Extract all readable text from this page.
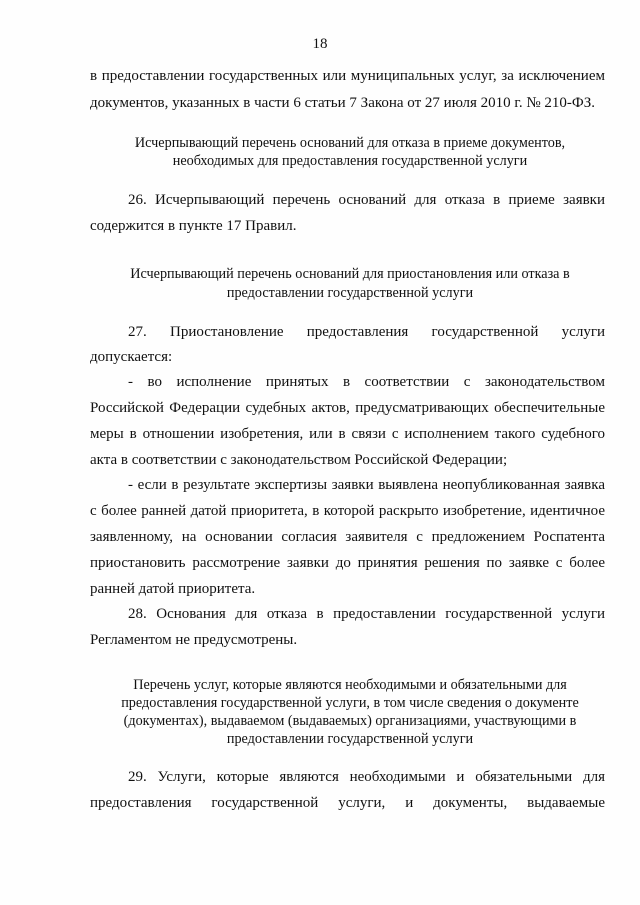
18
в предоставлении государственных или муниципальных услуг, за исключением
документов, указанных в части 6 статьи 7 Закона от 27 июля 2010 г. № 210-ФЗ.
Исчерпывающий перечень оснований для отказа в приеме документов,
необходимых для предоставления государственной услуги
26. Исчерпывающий перечень оснований для отказа в приеме заявки
содержится в пункте 17 Правил.
Исчерпывающий перечень оснований для приостановления или отказа в
предоставлении государственной услуги
27. Приостановление предоставления государственной услуги
допускается:
- во исполнение принятых в соответствии с законодательством
Российской Федерации судебных актов, предусматривающих обеспечительные
меры в отношении изобретения, или в связи с исполнением такого судебного
акта в соответствии с законодательством Российской Федерации;
- если в результате экспертизы заявки выявлена неопубликованная заявка
с более ранней датой приоритета, в которой раскрыто изобретение, идентичное
заявленному, на основании согласия заявителя с предложением Роспатента
приостановить рассмотрение заявки до принятия решения по заявке с более
ранней датой приоритета.
28. Основания для отказа в предоставлении государственной услуги
Регламентом не предусмотрены.
Перечень услуг, которые являются необходимыми и обязательными для
предоставления государственной услуги, в том числе сведения о документе
(документах), выдаваемом (выдаваемых) организациями, участвующими в
предоставлении государственной услуги
29. Услуги, которые являются необходимыми и обязательными для
предоставления государственной услуги, и документы, выдаваемые
